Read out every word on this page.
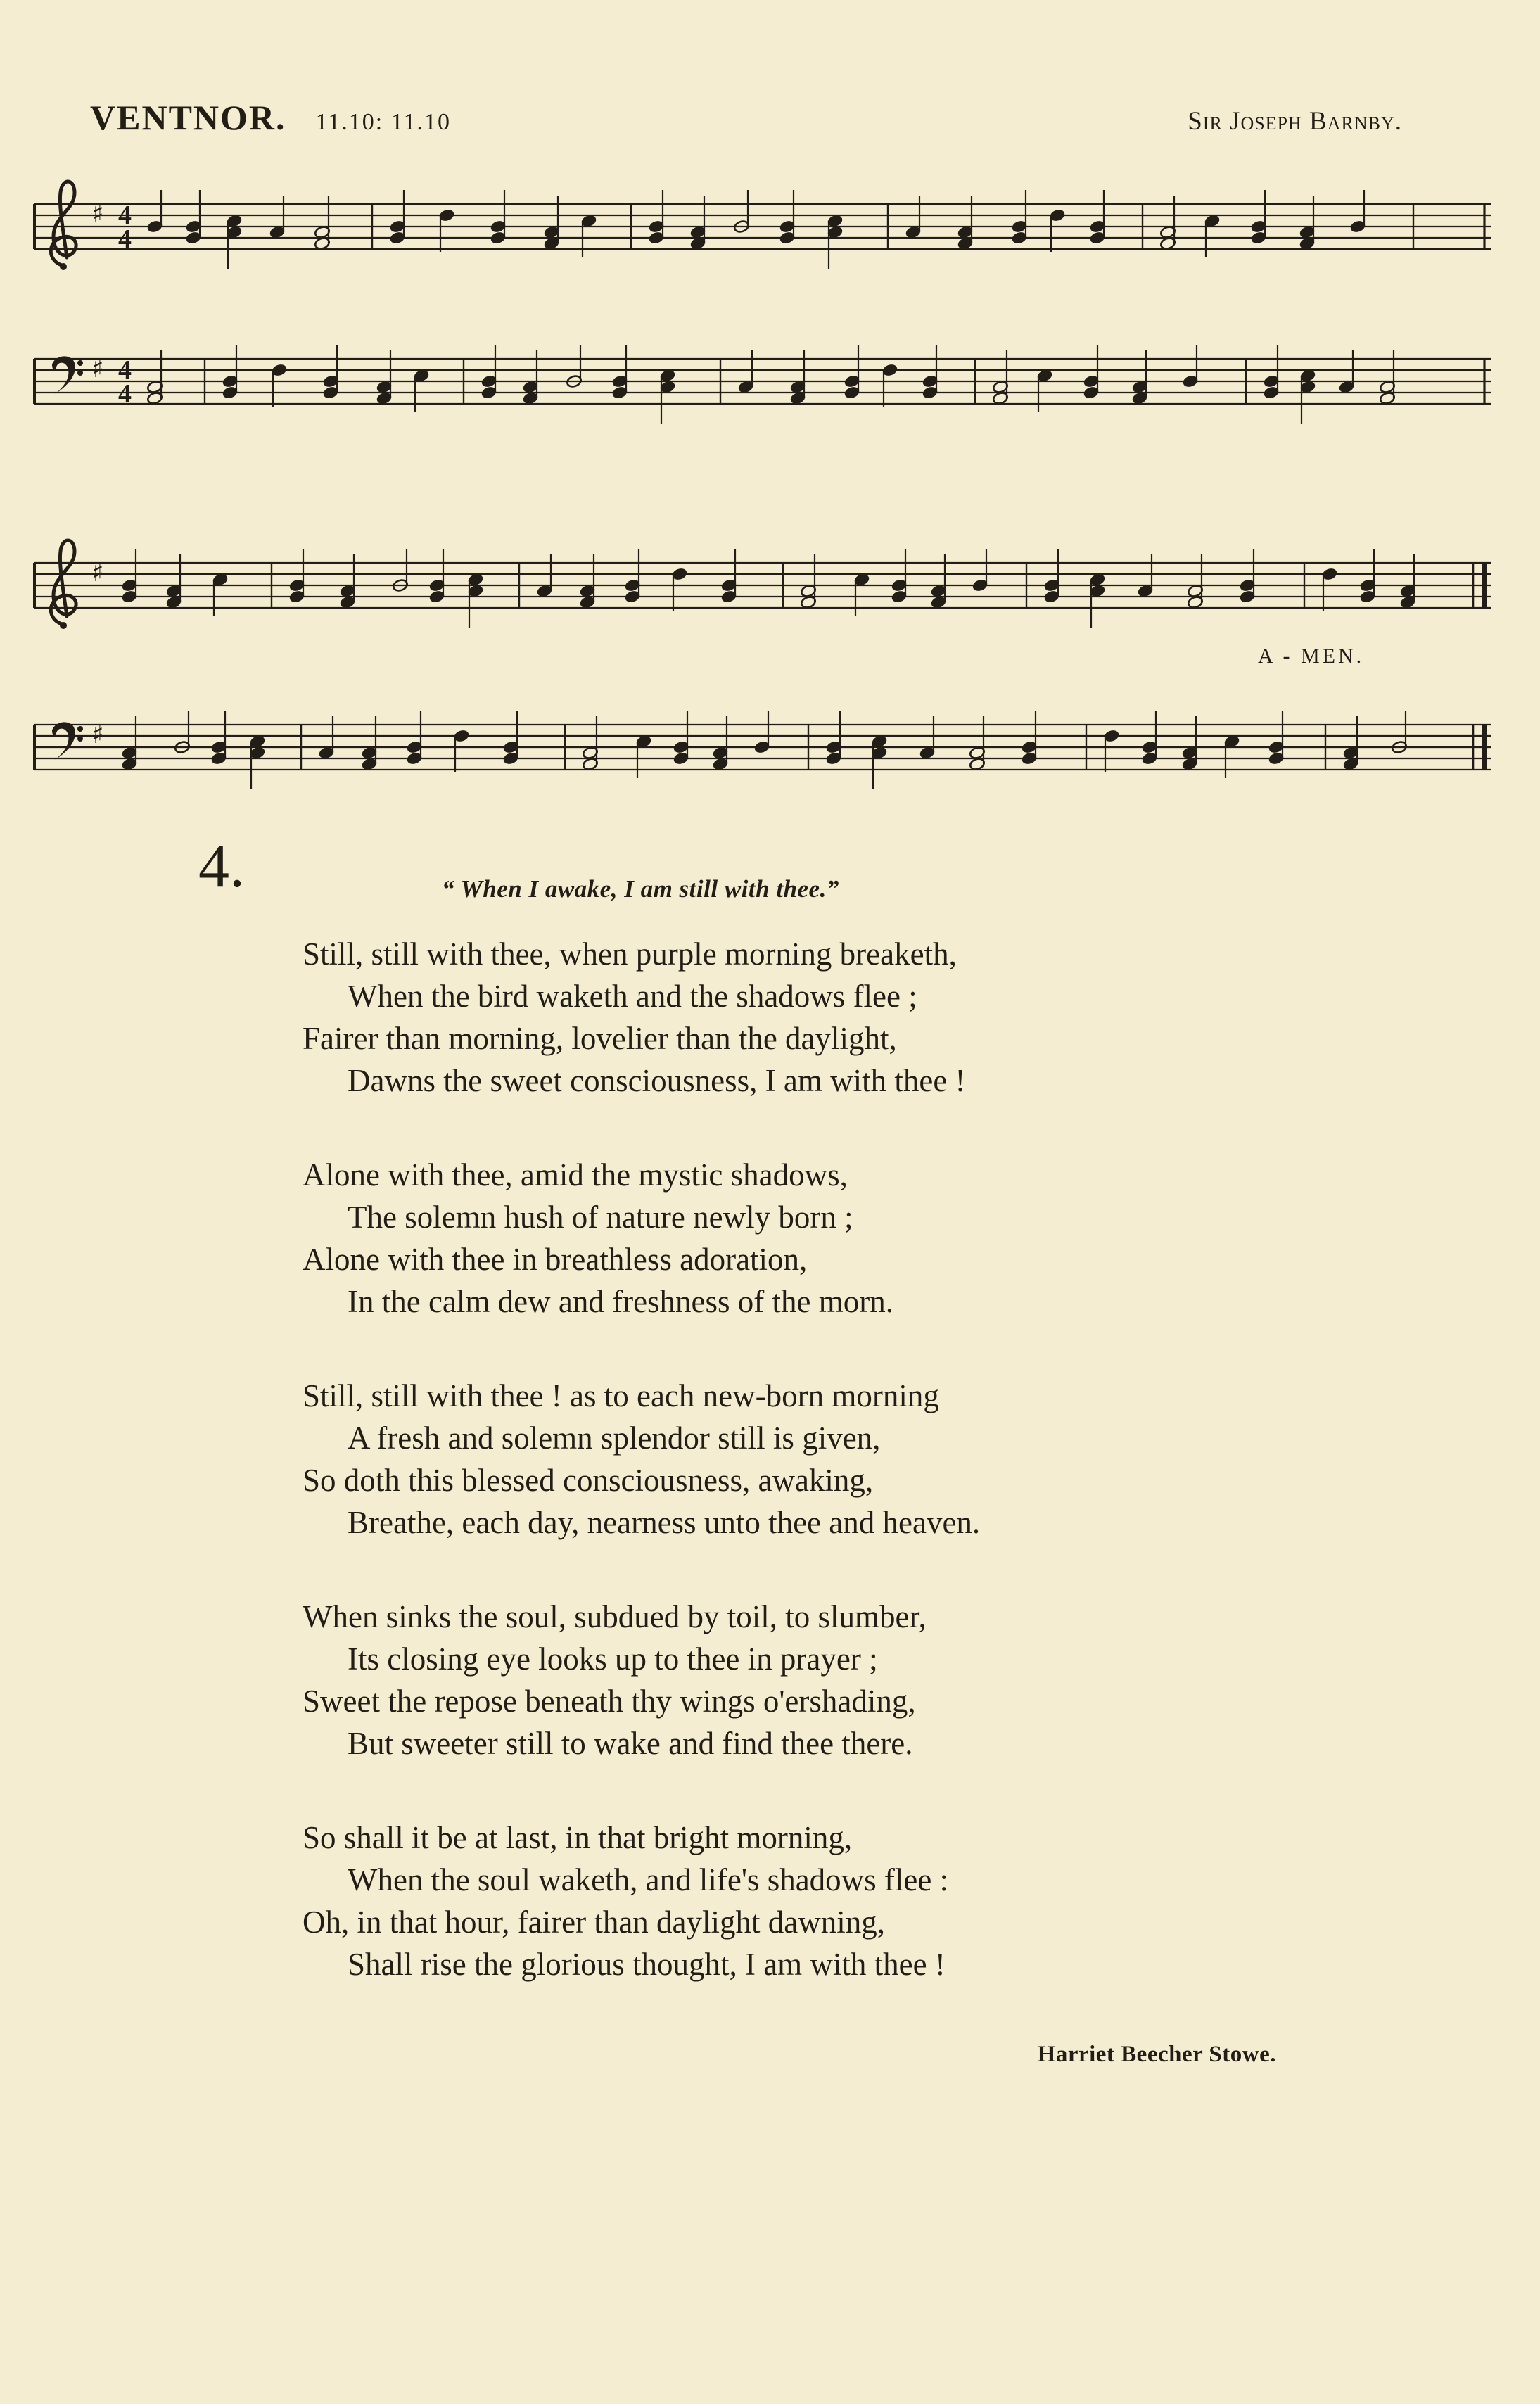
VENTNOR. 11.10: 11.10	Sir Joseph Barnby.
♯ 4
4
♯ 4
4
♯
♯
A - MEN.
4.	“ When I awake, I am still with thee.”
Still, still with thee, when purple morning breaketh,
When the bird waketh and the shadows flee ;
Fairer than morning, lovelier than the daylight,
Dawns the sweet consciousness, I am with thee !
Alone with thee, amid the mystic shadows,
The solemn hush of nature newly born ;
Alone with thee in breathless adoration,
In the calm dew and freshness of the morn.
Still, still with thee ! as to each new-born morning
A fresh and solemn splendor still is given,
So doth this blessed consciousness, awaking,
Breathe, each day, nearness unto thee and heaven.
When sinks the soul, subdued by toil, to slumber,
Its closing eye looks up to thee in prayer ;
Sweet the repose beneath thy wings o'ershading,
But sweeter still to wake and find thee there.
So shall it be at last, in that bright morning,
When the soul waketh, and life's shadows flee :
Oh, in that hour, fairer than daylight dawning,
Shall rise the glorious thought, I am with thee !
Harriet Beecher Stowe.
